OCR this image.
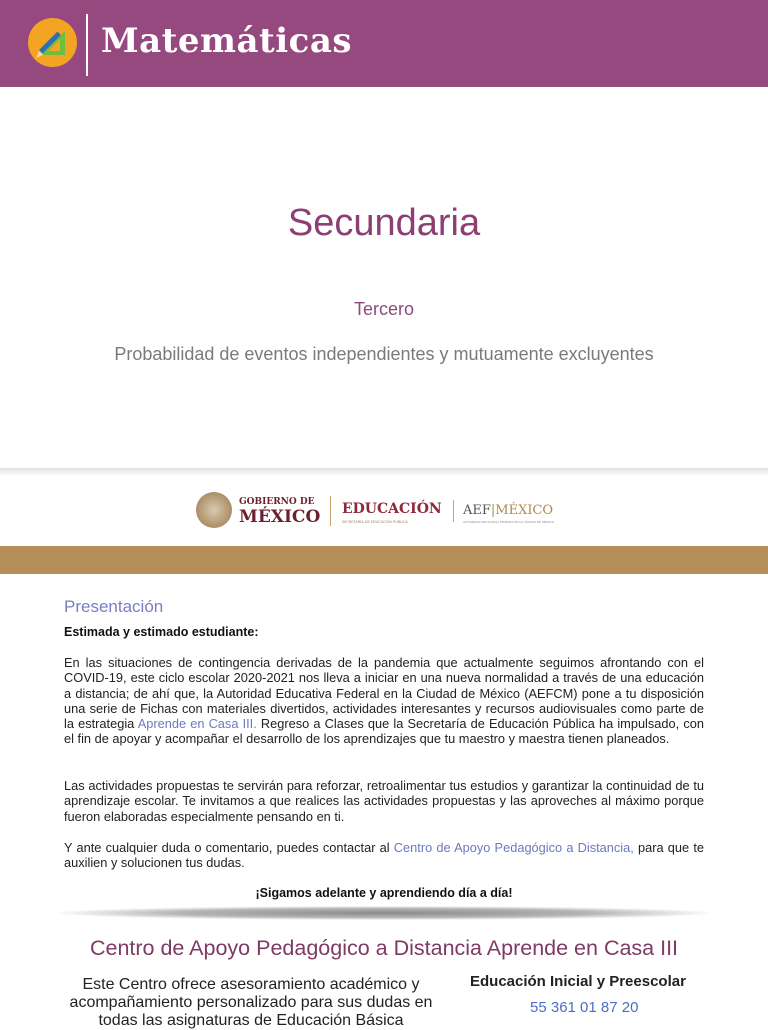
Matemáticas
Secundaria
Tercero
Probabilidad de eventos independientes y mutuamente excluyentes
GOBIERNO DE
MÉXICO EDUCACIÓN
SECRETARÍA DE EDUCACIÓN PÚBLICA
AEF|MÉXICO
AUTORIDAD EDUCATIVA FEDERAL EN LA CIUDAD DE MÉXICO
Presentación
Estimada y estimado estudiante:
En las situaciones de contingencia derivadas de la pandemia que actualmente seguimos afrontando con el COVID-19, este ciclo escolar 2020-2021 nos lleva a iniciar en una nueva normalidad a través de una educación a distancia; de ahí que, la Autoridad Educativa Federal en la Ciudad de México (AEFCM) pone a tu disposición una serie de Fichas con materiales divertidos, actividades interesantes y recursos audiovisuales como parte de la estrategia Aprende en Casa III. Regreso a Clases que la Secretaría de Educación Pública ha impulsado, con el fin de apoyar y acompañar el desarrollo de los aprendizajes que tu maestro y maestra tienen planeados.
Las actividades propuestas te servirán para reforzar, retroalimentar tus estudios y garantizar la continuidad de tu aprendizaje escolar. Te invitamos a que realices las actividades propuestas y las aproveches al máximo porque fueron elaboradas especialmente pensando en ti.
Y ante cualquier duda o comentario, puedes contactar al Centro de Apoyo Pedagógico a Distancia, para que te auxilien y solucionen tus dudas.
¡Sigamos adelante y aprendiendo día a día!
Centro de Apoyo Pedagógico a Distancia Aprende en Casa III
Este Centro ofrece asesoramiento académico y acompañamiento personalizado para sus dudas en todas las asignaturas de Educación Básica
Educación Inicial y Preescolar
55 361 01 87 20
